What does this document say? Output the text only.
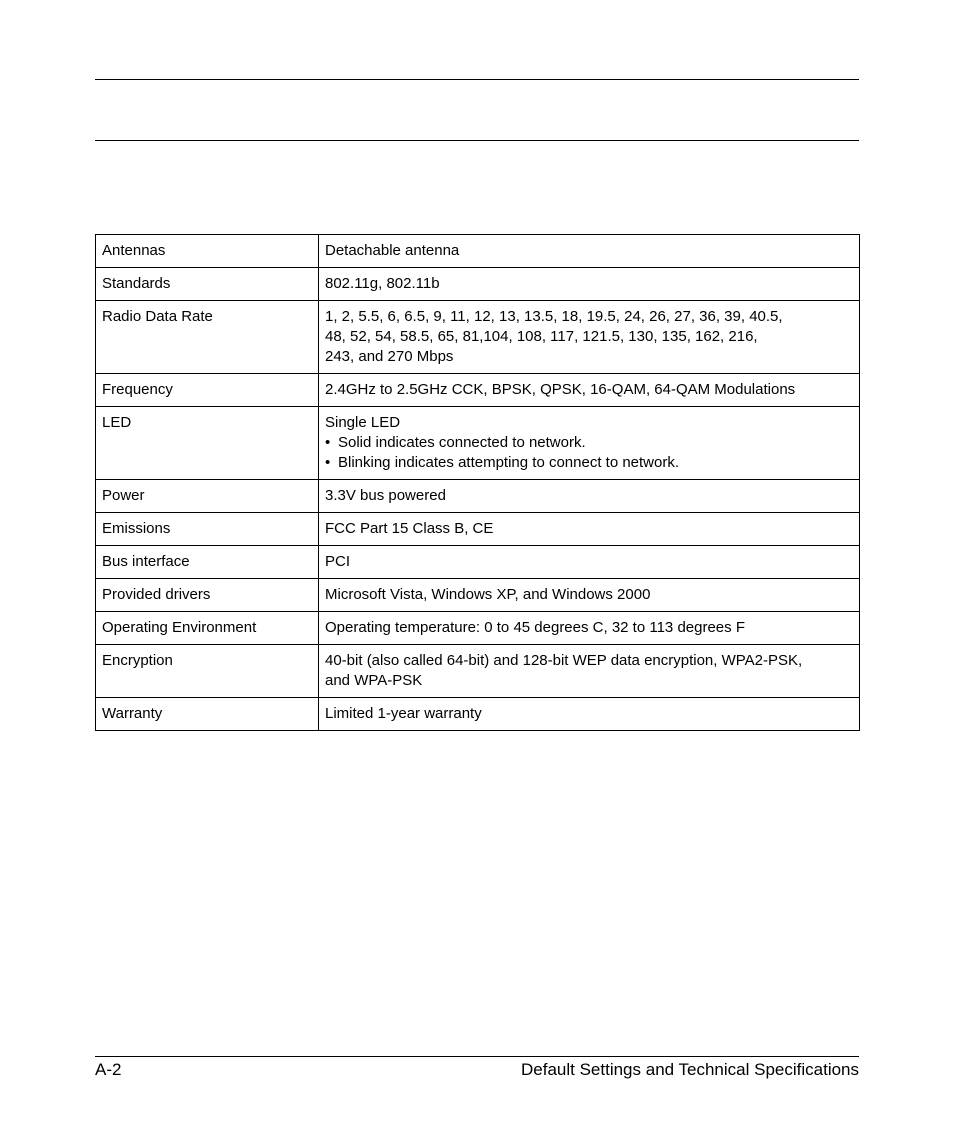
Antennas	Detachable antenna
Standards	802.11g, 802.11b
Radio Data Rate	1, 2, 5.5, 6, 6.5, 9, 11, 12, 13, 13.5, 18, 19.5, 24, 26, 27, 36, 39, 40.5,
48, 52, 54, 58.5, 65, 81,104, 108, 117, 121.5, 130, 135, 162, 216,
243, and 270 Mbps

Frequency	2.4GHz to 2.5GHz CCK, BPSK, QPSK, 16-QAM, 64-QAM Modulations
LED	Single LED
• Solid indicates connected to network.
• Blinking indicates attempting to connect to network.

Power	3.3V bus powered
Emissions	FCC Part 15 Class B, CE
Bus interface	PCI
Provided drivers	Microsoft Vista, Windows XP, and Windows 2000
Operating Environment	Operating temperature: 0 to 45 degrees C, 32 to 113 degrees F
Encryption	40-bit (also called 64-bit) and 128-bit WEP data encryption, WPA2-PSK,
and WPA-PSK

Warranty	Limited 1-year warranty
A-2	Default Settings and Technical Specifications
